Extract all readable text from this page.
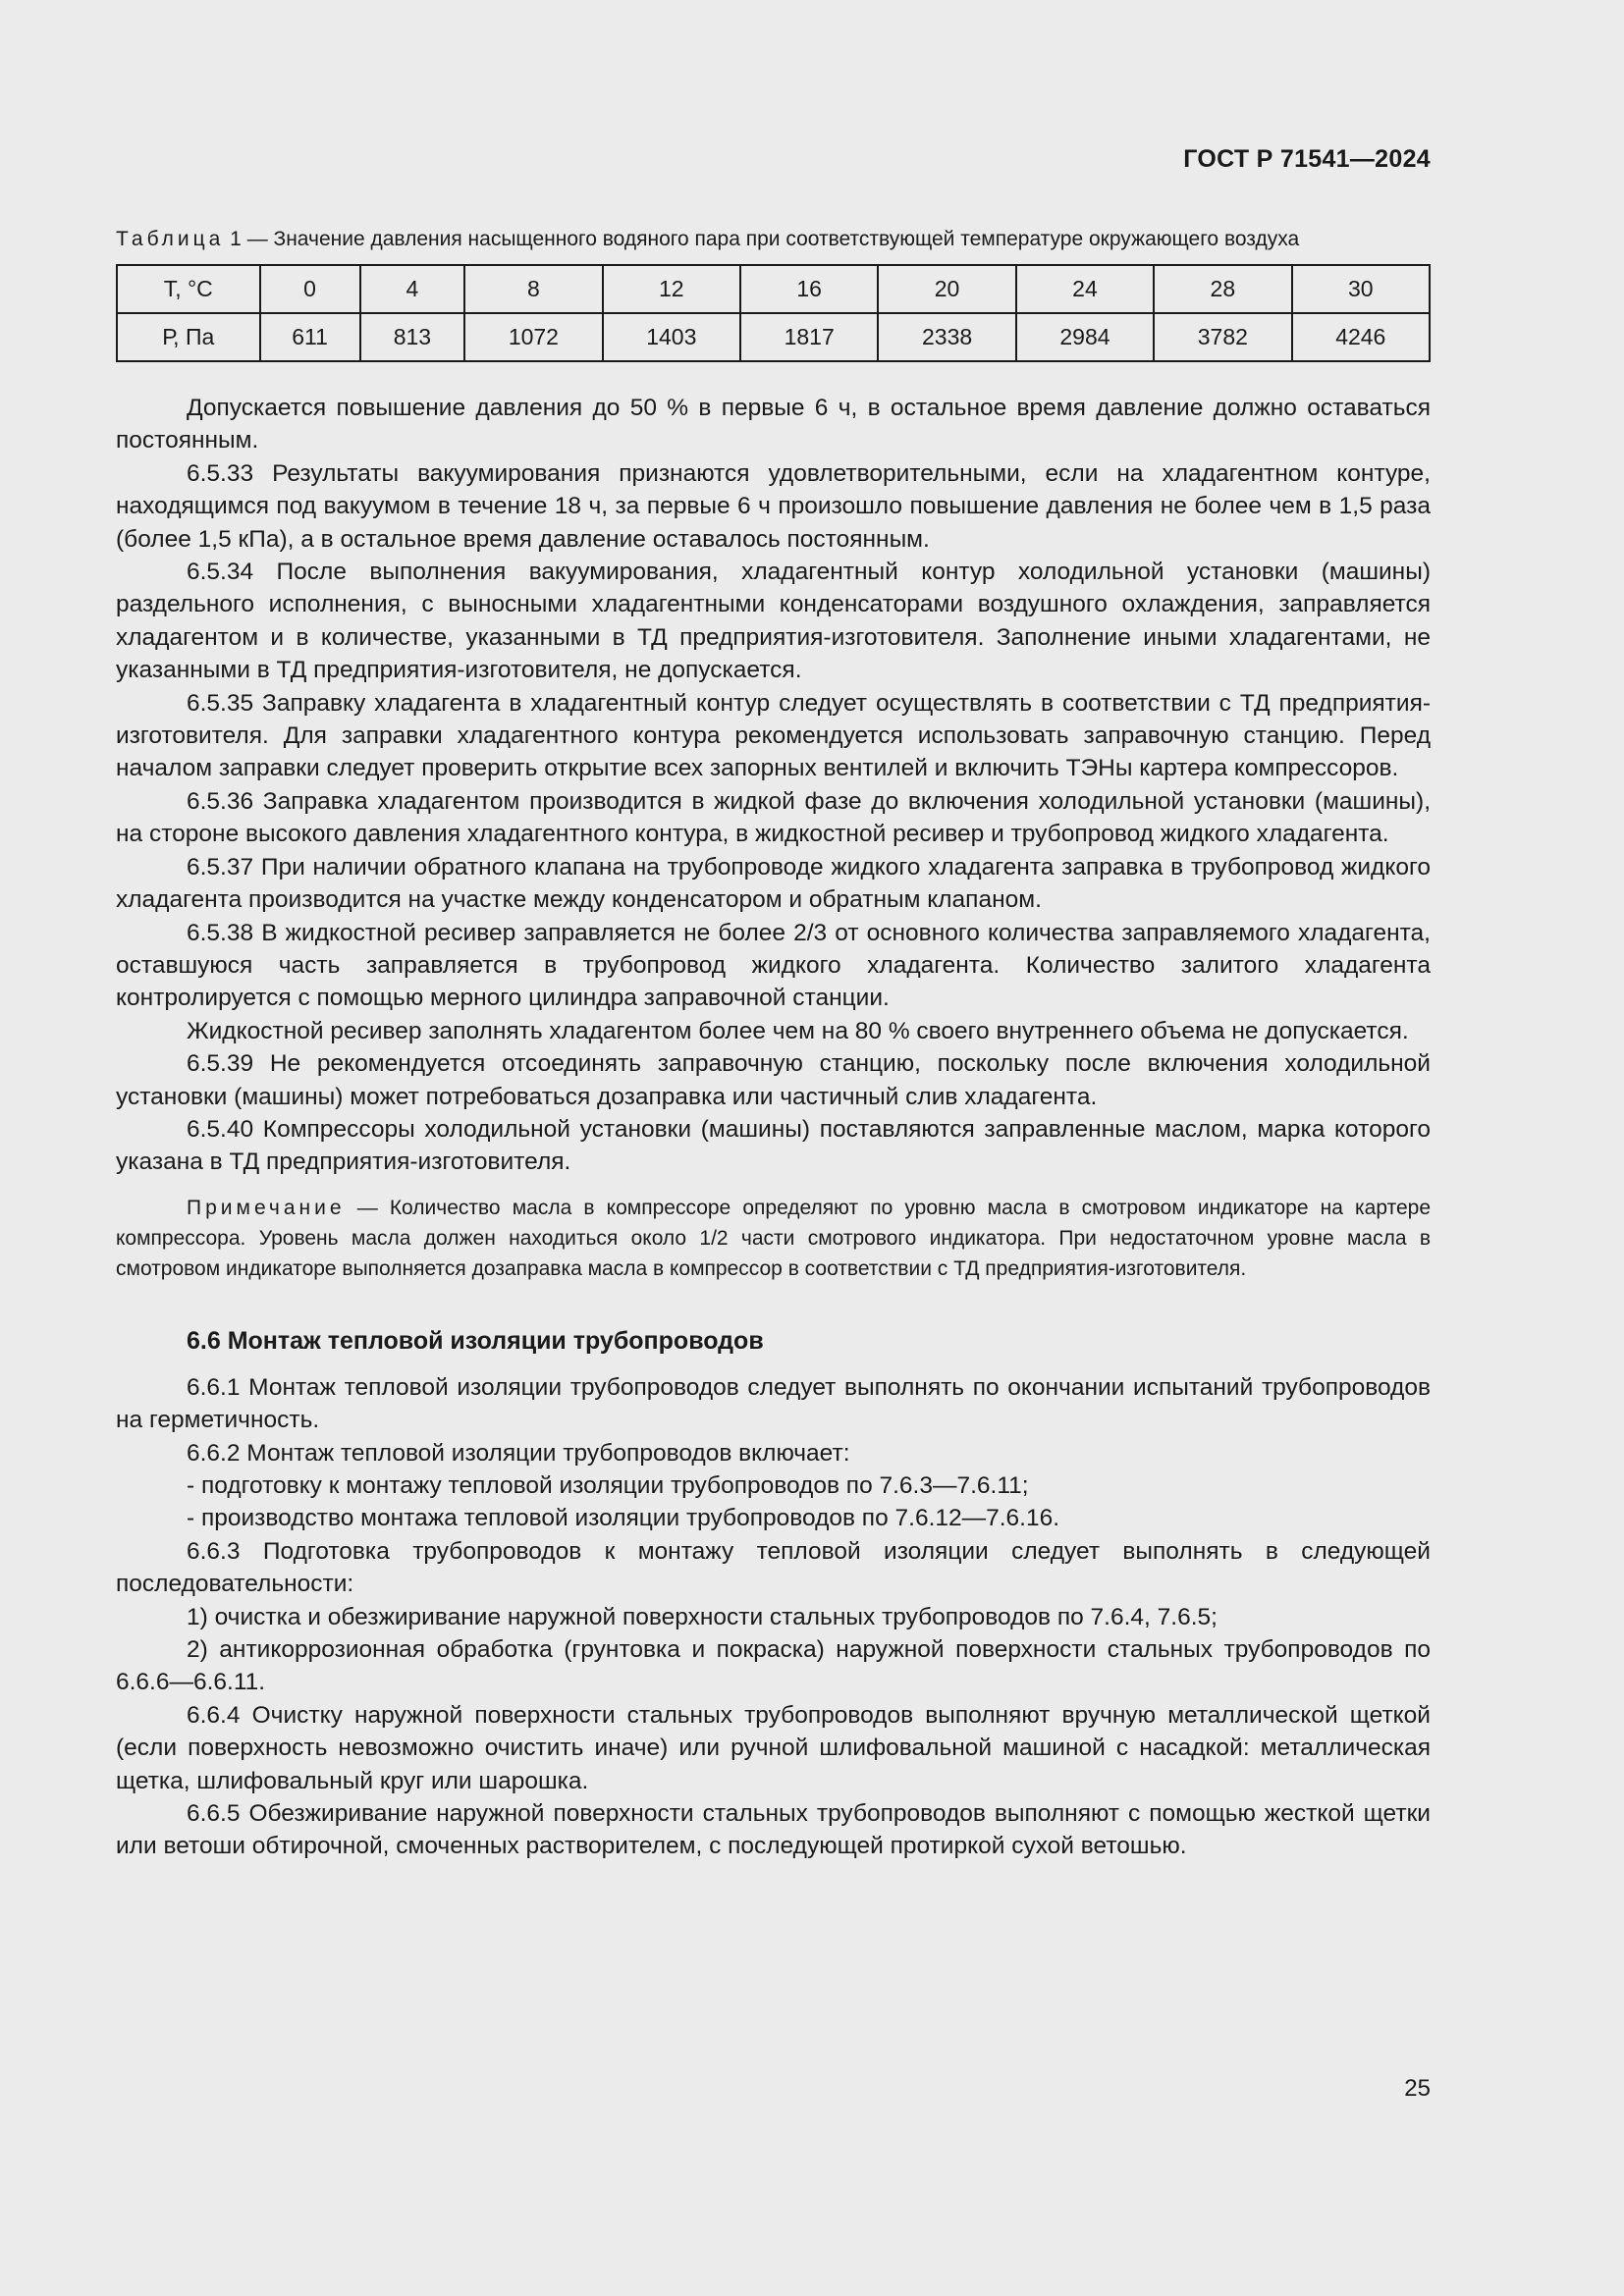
ГОСТ Р 71541—2024
Таблица 1 — Значение давления насыщенного водяного пара при соответствующей температуре окружающего воздуха
Т, °С	0	4	8	12	16	20	24	28	30
Р, Па	611	813	1072	1403	1817	2338	2984	3782	4246

Допускается повышение давления до 50 % в первые 6 ч, в остальное время давление должно оставаться постоянным.

6.5.33 Результаты вакуумирования признаются удовлетворительными, если на хладагентном контуре, находящимся под вакуумом в течение 18 ч, за первые 6 ч произошло повышение давления не более чем в 1,5 раза (более 1,5 кПа), а в остальное время давление оставалось постоянным.

6.5.34 После выполнения вакуумирования, хладагентный контур холодильной установки (машины) раздельного исполнения, с выносными хладагентными конденсаторами воздушного охлаждения, заправляется хладагентом и в количестве, указанными в ТД предприятия-изготовителя. Заполнение иными хладагентами, не указанными в ТД предприятия-изготовителя, не допускается.

6.5.35 Заправку хладагента в хладагентный контур следует осуществлять в соответствии с ТД предприятия-изготовителя. Для заправки хладагентного контура рекомендуется использовать заправочную станцию. Перед началом заправки следует проверить открытие всех запорных вентилей и включить ТЭНы картера компрессоров.

6.5.36 Заправка хладагентом производится в жидкой фазе до включения холодильной установки (машины), на стороне высокого давления хладагентного контура, в жидкостной ресивер и трубопровод жидкого хладагента.

6.5.37 При наличии обратного клапана на трубопроводе жидкого хладагента заправка в трубопровод жидкого хладагента производится на участке между конденсатором и обратным клапаном.

6.5.38 В жидкостной ресивер заправляется не более 2/3 от основного количества заправляемого хладагента, оставшуюся часть заправляется в трубопровод жидкого хладагента. Количество залитого хладагента контролируется с помощью мерного цилиндра заправочной станции.

Жидкостной ресивер заполнять хладагентом более чем на 80 % своего внутреннего объема не допускается.

6.5.39 Не рекомендуется отсоединять заправочную станцию, поскольку после включения холодильной установки (машины) может потребоваться дозаправка или частичный слив хладагента.

6.5.40 Компрессоры холодильной установки (машины) поставляются заправленные маслом, марка которого указана в ТД предприятия-изготовителя.

Примечание — Количество масла в компрессоре определяют по уровню масла в смотровом индикаторе на картере компрессора. Уровень масла должен находиться около 1/2 части смотрового индикатора. При недостаточном уровне масла в смотровом индикаторе выполняется дозаправка масла в компрессор в соответствии с ТД предприятия-изготовителя.

6.6 Монтаж тепловой изоляции трубопроводов

6.6.1 Монтаж тепловой изоляции трубопроводов следует выполнять по окончании испытаний трубопроводов на герметичность.

6.6.2 Монтаж тепловой изоляции трубопроводов включает:

- подготовку к монтажу тепловой изоляции трубопроводов по 7.6.3—7.6.11;

- производство монтажа тепловой изоляции трубопроводов по 7.6.12—7.6.16.

6.6.3 Подготовка трубопроводов к монтажу тепловой изоляции следует выполнять в следующей последовательности:

1) очистка и обезжиривание наружной поверхности стальных трубопроводов по 7.6.4, 7.6.5;

2) антикоррозионная обработка (грунтовка и покраска) наружной поверхности стальных трубопроводов по 6.6.6—6.6.11.

6.6.4 Очистку наружной поверхности стальных трубопроводов выполняют вручную металлической щеткой (если поверхность невозможно очистить иначе) или ручной шлифовальной машиной с насадкой: металлическая щетка, шлифовальный круг или шарошка.

6.6.5 Обезжиривание наружной поверхности стальных трубопроводов выполняют с помощью жесткой щетки или ветоши обтирочной, смоченных растворителем, с последующей протиркой сухой ветошью.

25
